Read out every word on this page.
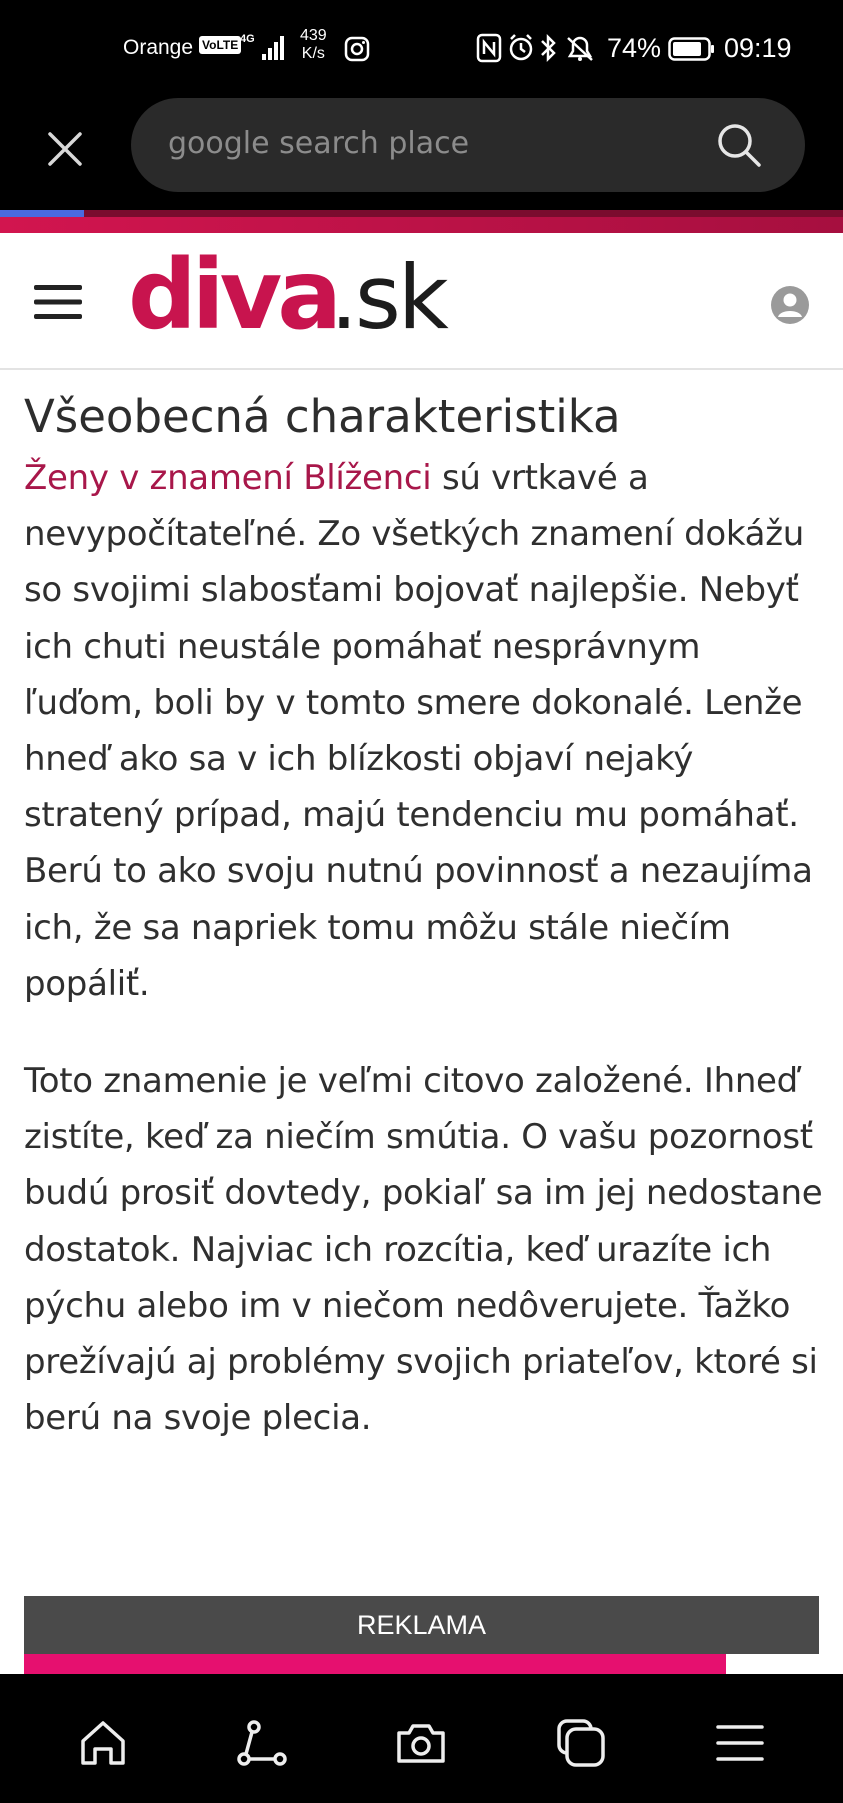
Orange VoLTE 4G	439
K/s	74% 09:19
google search place
diva
.sk
Všeobecná charakteristika

Ženy v znamení Blíženci sú vrtkavé a nevypočítateľné. Zo všetkých znamení dokážu so svojimi slabosťami bojovať najlepšie. Nebyť ich chuti neustále pomáhať nesprávnym ľuďom, boli by v tomto smere dokonalé. Lenže hneď ako sa v ich blízkosti objaví nejaký stratený prípad, majú tendenciu mu pomáhať. Berú to ako svoju nutnú povinnosť a nezaujíma ich, že sa napriek tomu môžu stále niečím popáliť.

Toto znamenie je veľmi citovo založené. Ihneď zistíte, keď za niečím smútia. O vašu pozornosť budú prosiť dovtedy, pokiaľ sa im jej nedostane dostatok. Najviac ich rozcítia, keď urazíte ich pýchu alebo im v niečom nedôverujete. Ťažko prežívajú aj problémy svojich priateľov, ktoré si berú na svoje plecia.

REKLAMA
